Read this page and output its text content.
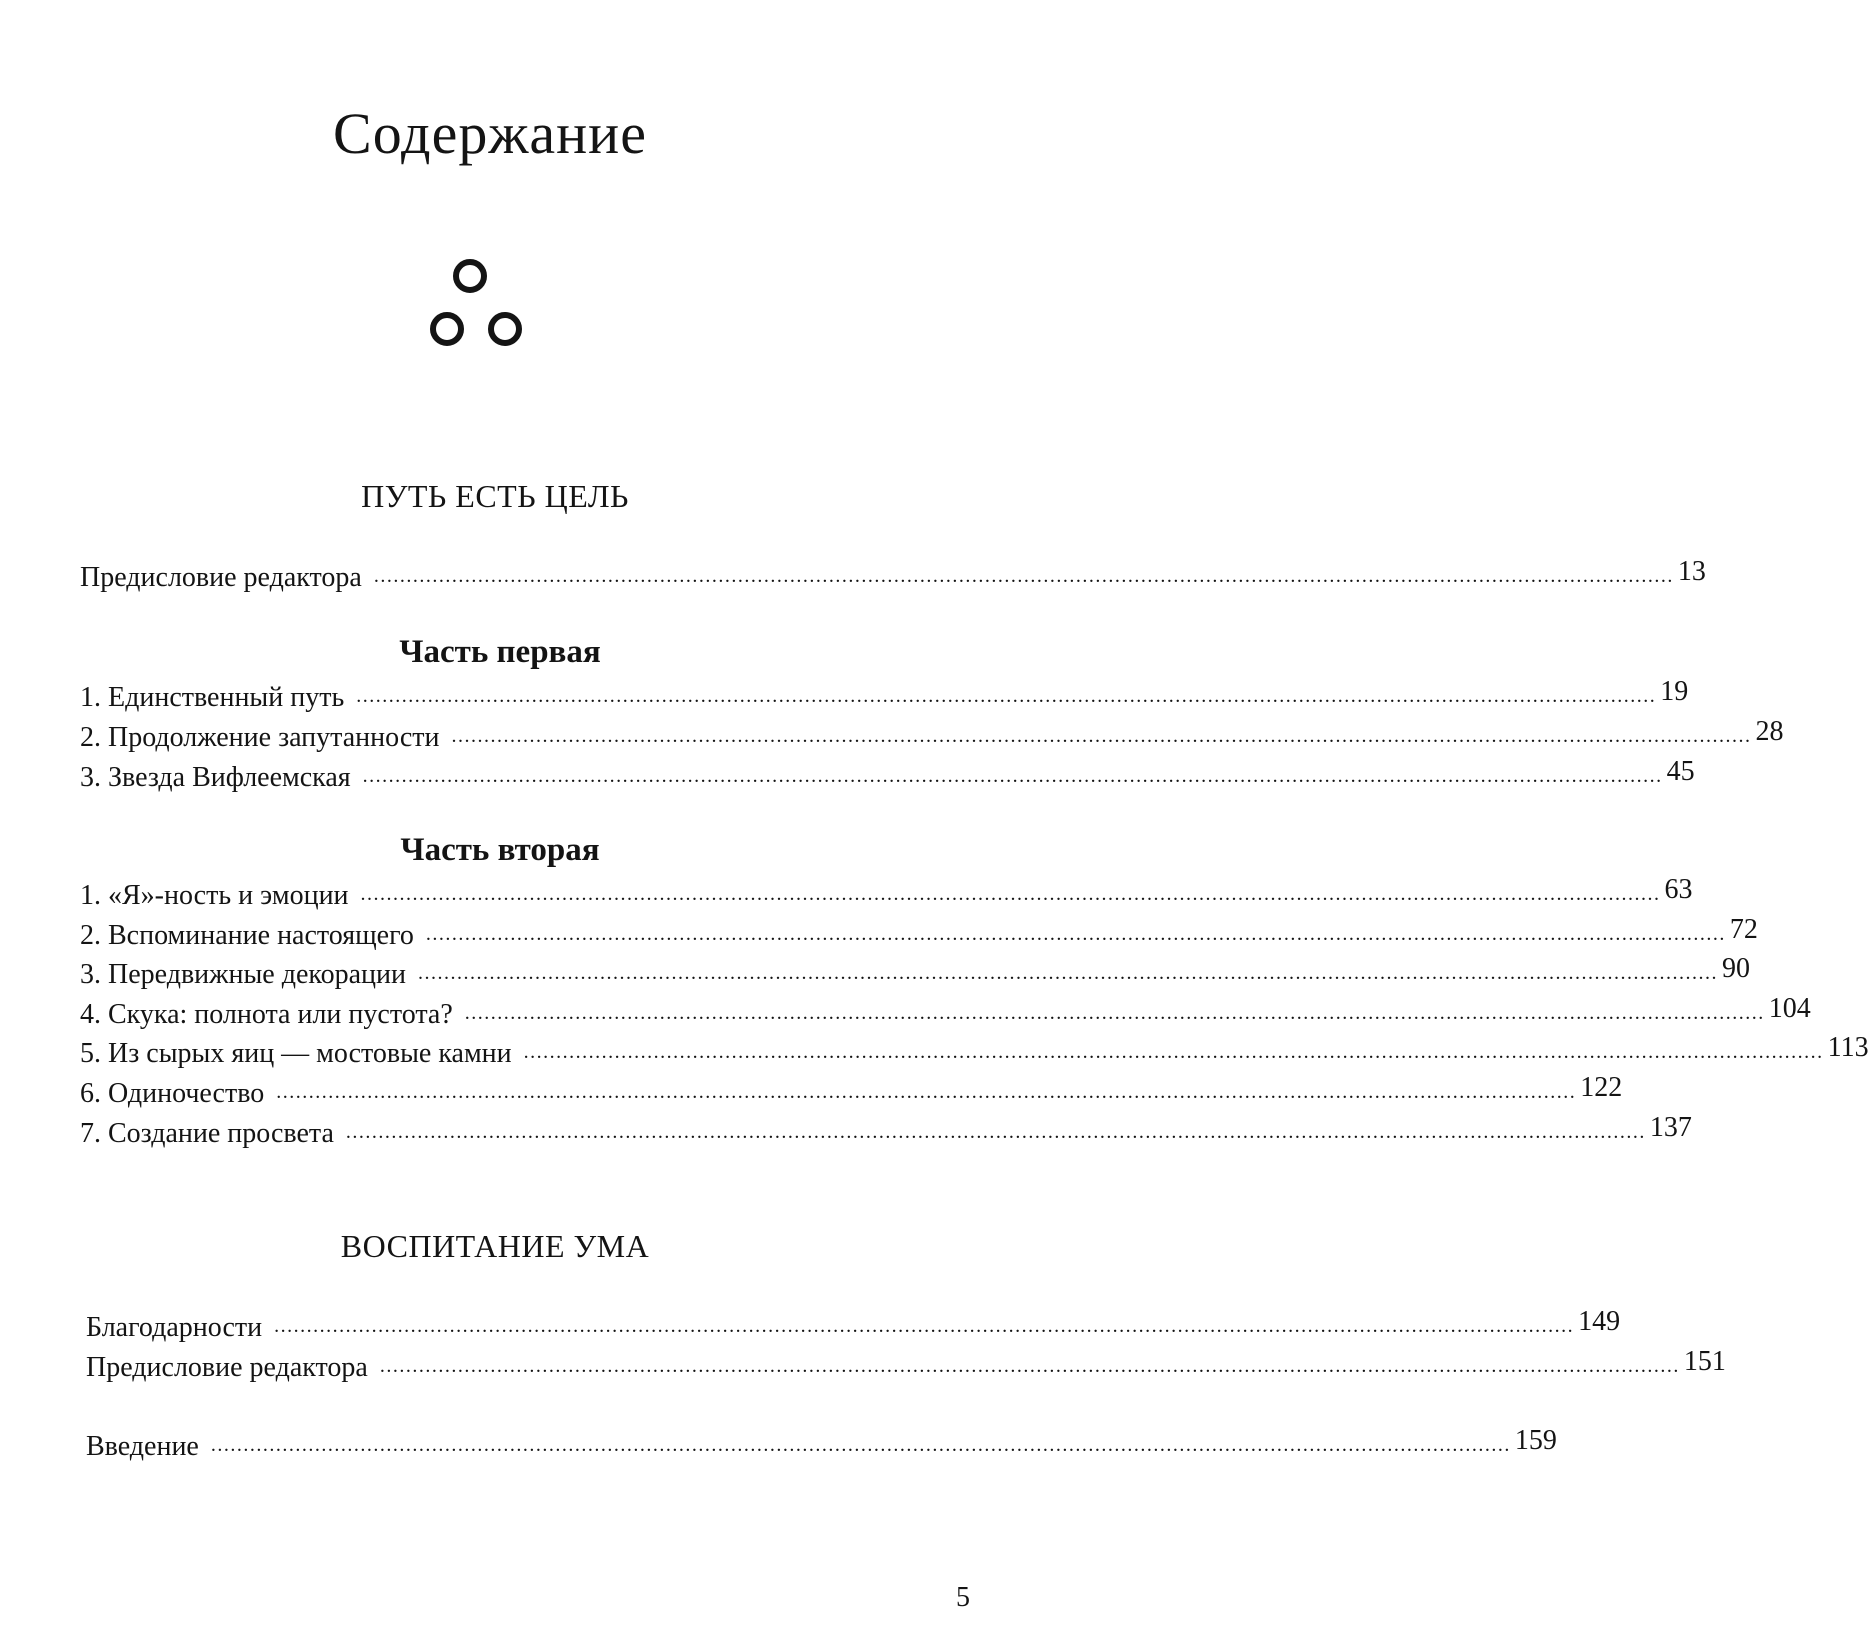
Содержание
ПУТЬ ЕСТЬ ЦЕЛЬ
Предисловие редактора ........................................................................................................................................................................................................ 13
Часть первая
1. Единственный путь ........................................................................................................................................................................................................ 19
2. Продолжение запутанности ........................................................................................................................................................................................................ 28
3. Звезда Вифлеемская ........................................................................................................................................................................................................ 45
Часть вторая
1. «Я»-ность и эмоции ........................................................................................................................................................................................................ 63
2. Вспоминание настоящего ........................................................................................................................................................................................................ 72
3. Передвижные декорации ........................................................................................................................................................................................................ 90
4. Скука: полнота или пустота? ........................................................................................................................................................................................................ 104
5. Из сырых яиц — мостовые камни ........................................................................................................................................................................................................ 113
6. Одиночество ........................................................................................................................................................................................................ 122
7. Создание просвета ........................................................................................................................................................................................................ 137
ВОСПИТАНИЕ УМА
Благодарности ........................................................................................................................................................................................................ 149
Предисловие редактора ........................................................................................................................................................................................................ 151
Введение ........................................................................................................................................................................................................ 159
5
